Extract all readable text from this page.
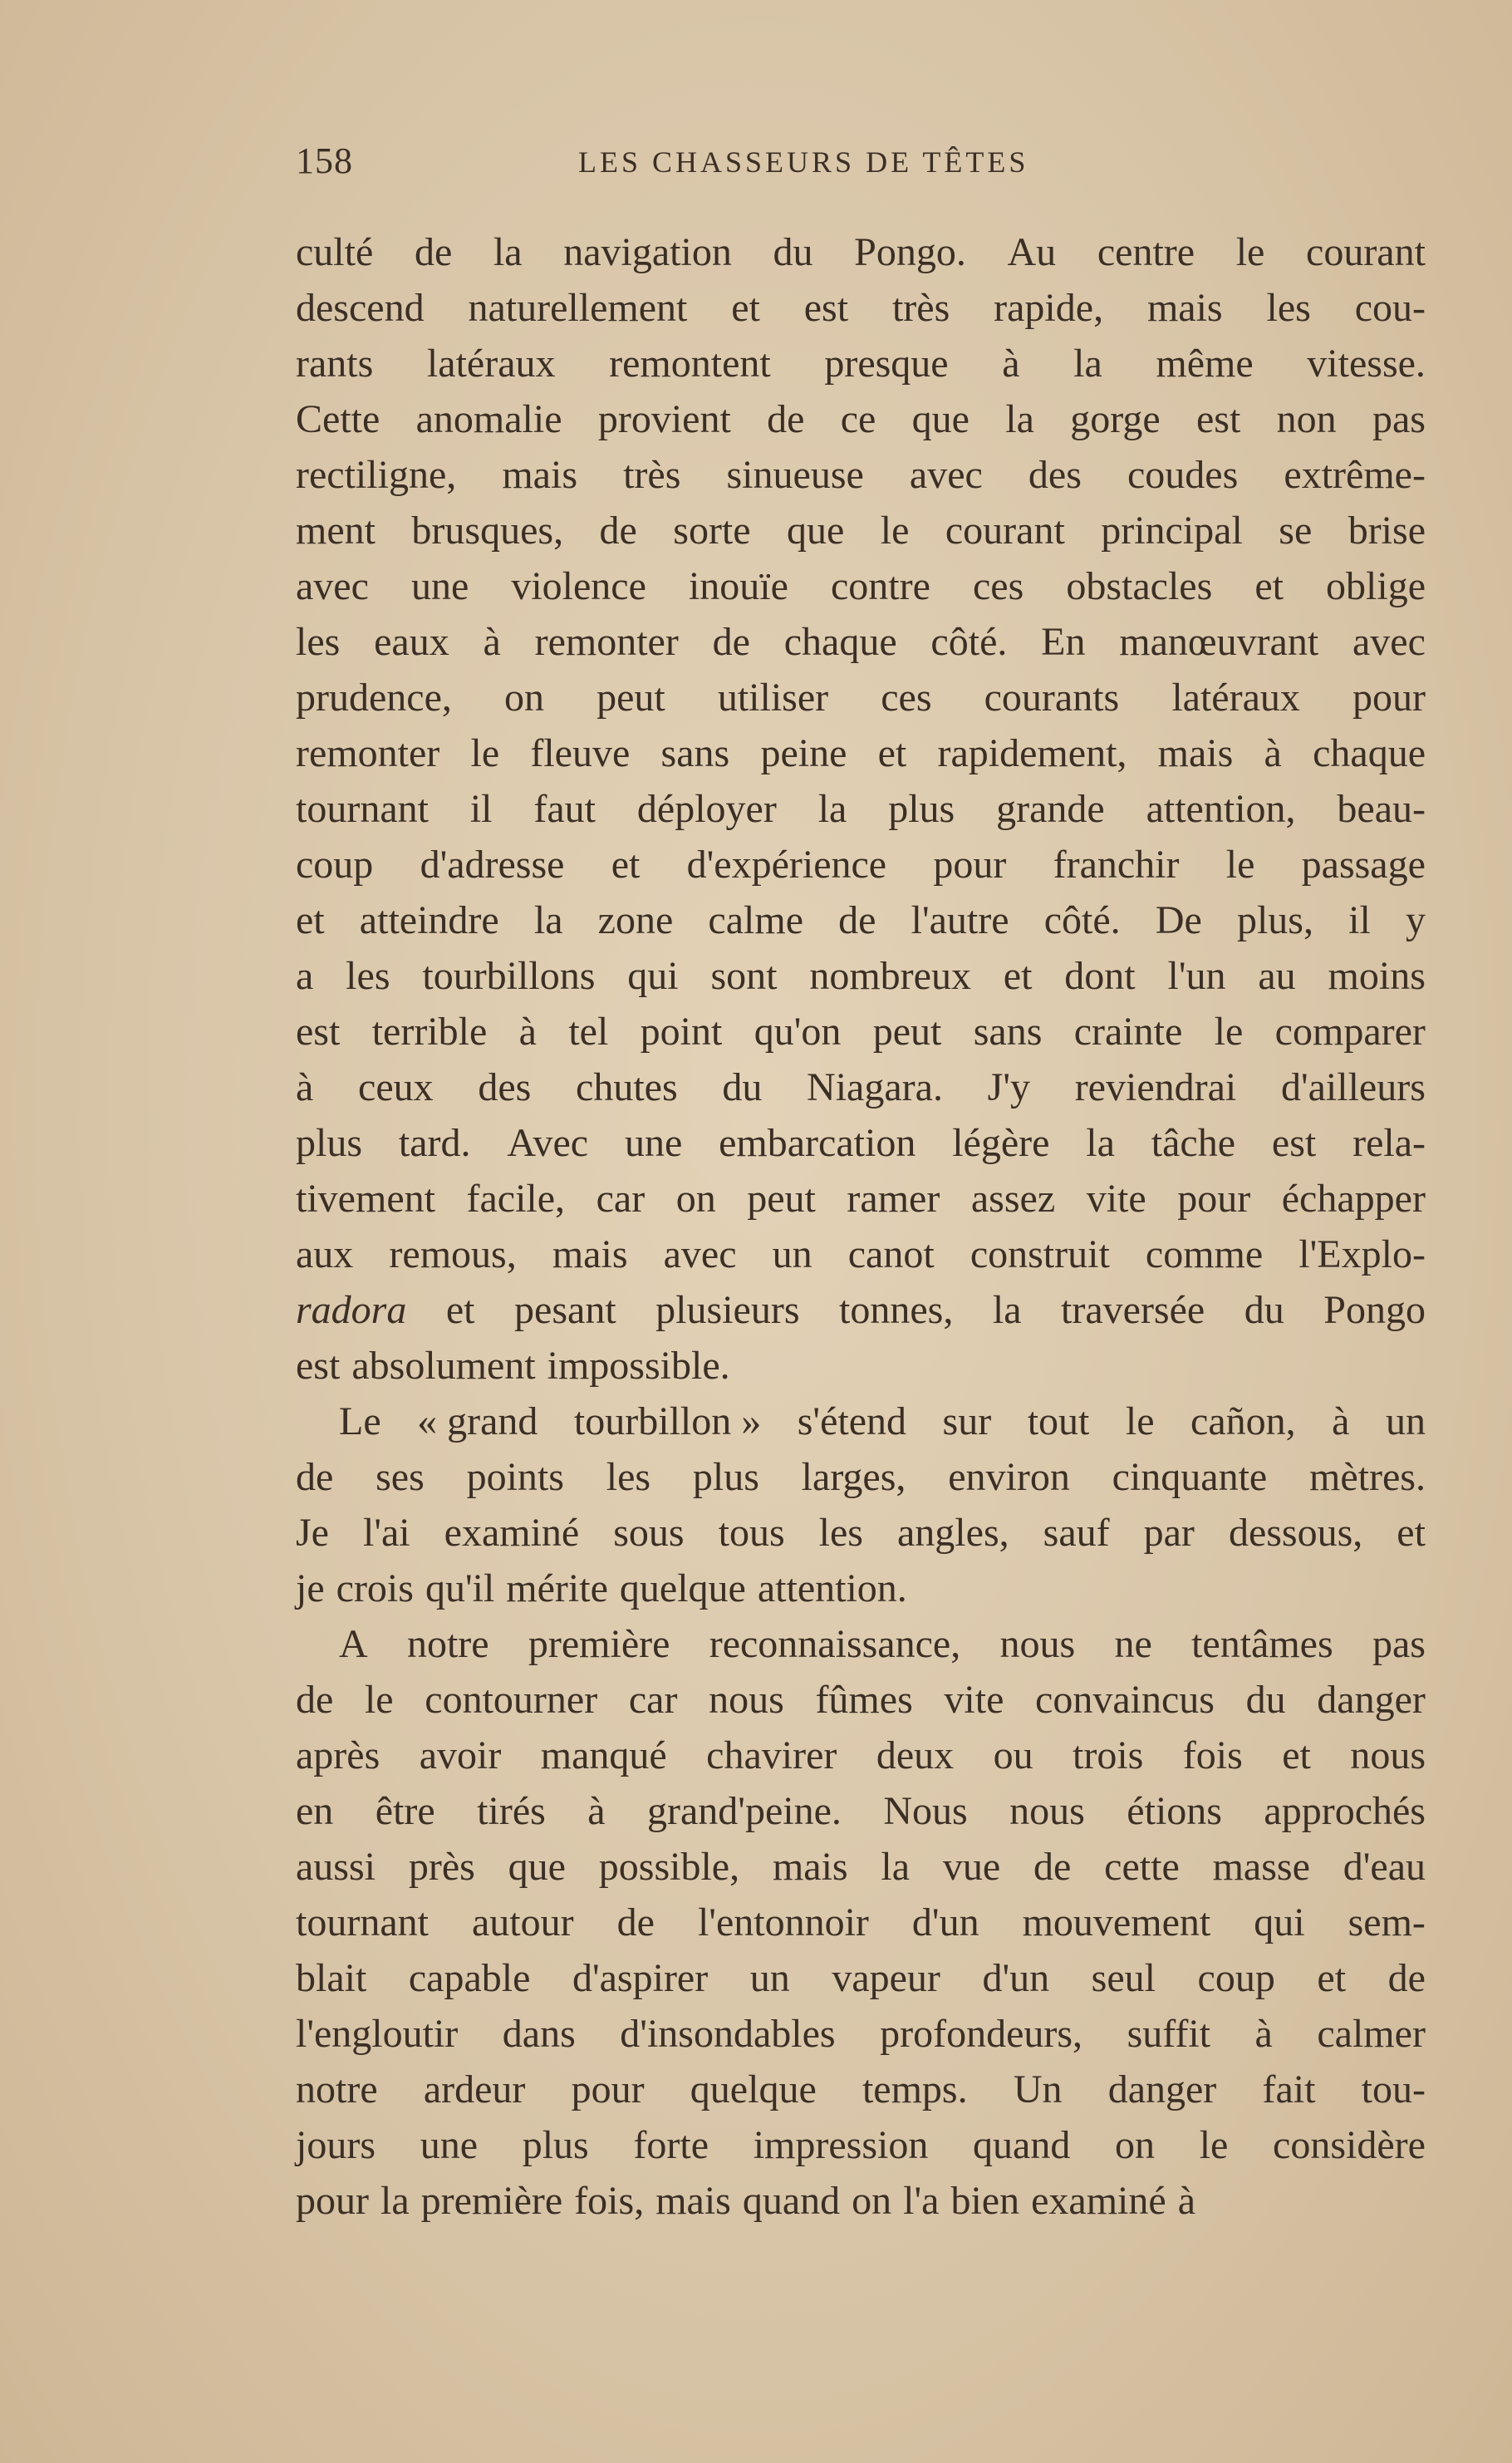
158	LES CHASSEURS DE TÊTES
culté de la navigation du Pongo. Au centre le courant
descend naturellement et est très rapide, mais les cou-
rants latéraux remontent presque à la même vitesse.
Cette anomalie provient de ce que la gorge est non pas
rectiligne, mais très sinueuse avec des coudes extrême-
ment brusques, de sorte que le courant principal se brise
avec une violence inouïe contre ces obstacles et oblige
les eaux à remonter de chaque côté. En manœuvrant avec
prudence, on peut utiliser ces courants latéraux pour
remonter le fleuve sans peine et rapidement, mais à chaque
tournant il faut déployer la plus grande attention, beau-
coup d'adresse et d'expérience pour franchir le passage
et atteindre la zone calme de l'autre côté. De plus, il y
a les tourbillons qui sont nombreux et dont l'un au moins
est terrible à tel point qu'on peut sans crainte le comparer
à ceux des chutes du Niagara. J'y reviendrai d'ailleurs
plus tard. Avec une embarcation légère la tâche est rela-
tivement facile, car on peut ramer assez vite pour échapper
aux remous, mais avec un canot construit comme l'Explo-
radora et pesant plusieurs tonnes, la traversée du Pongo
est absolument impossible.
Le « grand tourbillon » s'étend sur tout le cañon, à un
de ses points les plus larges, environ cinquante mètres.
Je l'ai examiné sous tous les angles, sauf par dessous, et
je crois qu'il mérite quelque attention.
A notre première reconnaissance, nous ne tentâmes pas
de le contourner car nous fûmes vite convaincus du danger
après avoir manqué chavirer deux ou trois fois et nous
en être tirés à grand'peine. Nous nous étions approchés
aussi près que possible, mais la vue de cette masse d'eau
tournant autour de l'entonnoir d'un mouvement qui sem-
blait capable d'aspirer un vapeur d'un seul coup et de
l'engloutir dans d'insondables profondeurs, suffit à calmer
notre ardeur pour quelque temps. Un danger fait tou-
jours une plus forte impression quand on le considère
pour la première fois, mais quand on l'a bien examiné à
